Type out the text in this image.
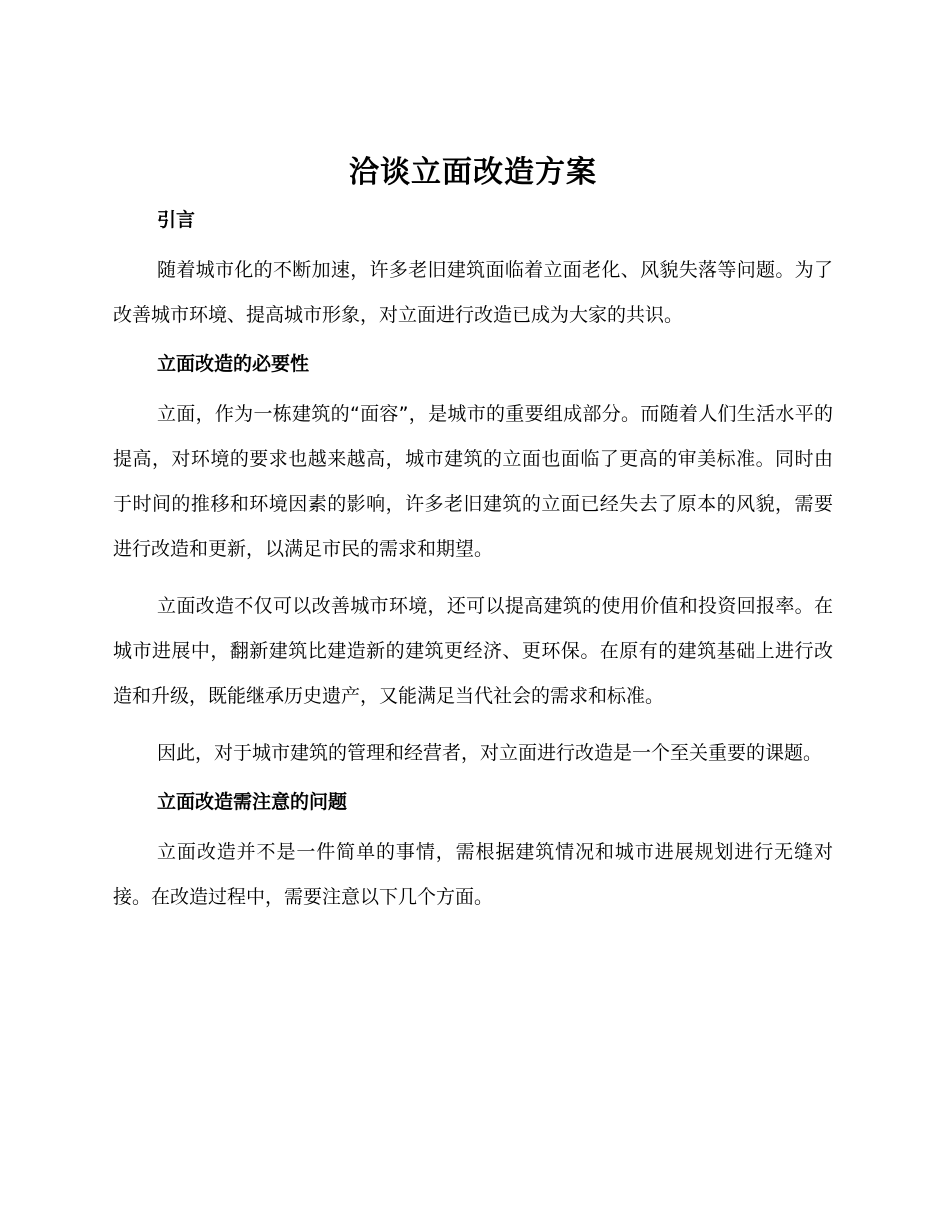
洽谈立面改造方案
引言

随着城市化的不断加速，许多老旧建筑面临着立面老化、风貌失落等问题。为了改善城市环境、提高城市形象，对立面进行改造已成为大家的共识。

立面改造的必要性

立面，作为一栋建筑的“面容”，是城市的重要组成部分。而随着人们生活水平的提高，对环境的要求也越来越高，城市建筑的立面也面临了更高的审美标准。同时由于时间的推移和环境因素的影响，许多老旧建筑的立面已经失去了原本的风貌，需要进行改造和更新，以满足市民的需求和期望。

立面改造不仅可以改善城市环境，还可以提高建筑的使用价值和投资回报率。在城市进展中，翻新建筑比建造新的建筑更经济、更环保。在原有的建筑基础上进行改造和升级，既能继承历史遗产，又能满足当代社会的需求和标准。

因此，对于城市建筑的管理和经营者，对立面进行改造是一个至关重要的课题。

立面改造需注意的问题

立面改造并不是一件简单的事情，需根据建筑情况和城市进展规划进行无缝对接。在改造过程中，需要注意以下几个方面。
